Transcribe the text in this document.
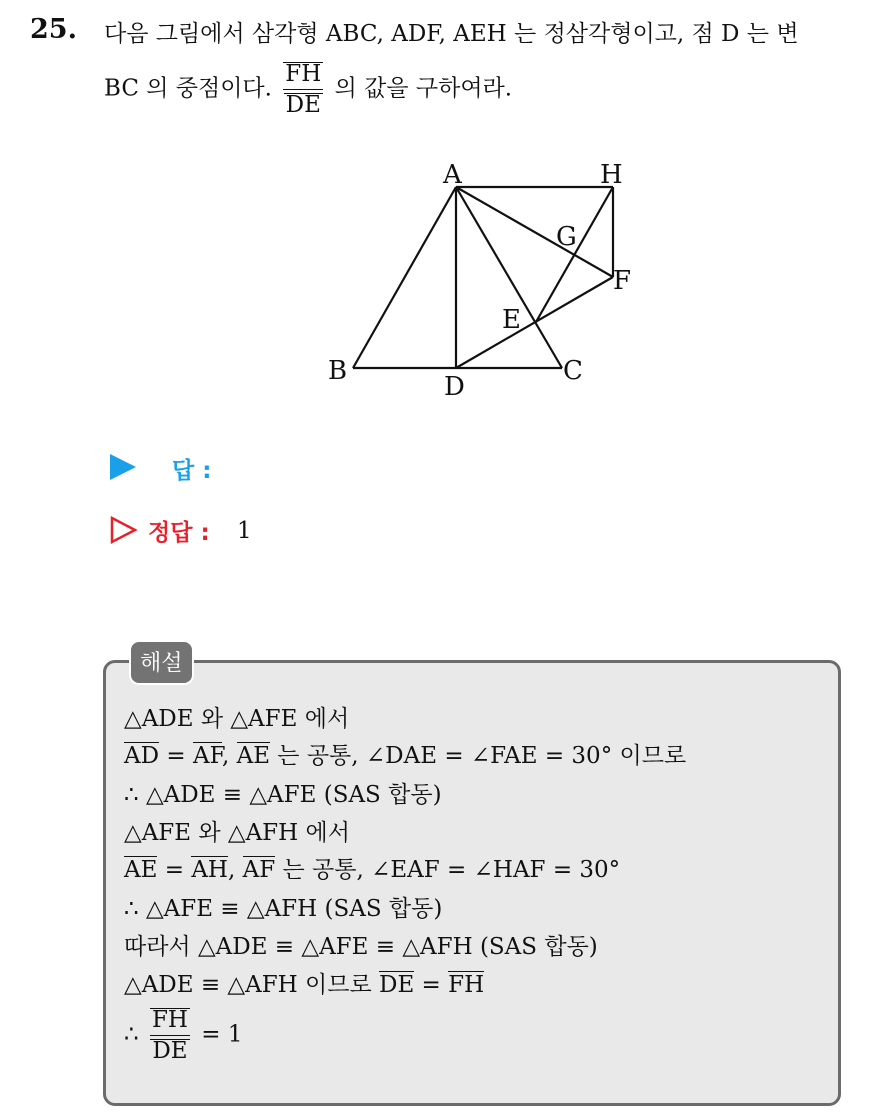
25. 다음 그림에서 삼각형 ABC, ADF, AEH 는 정삼각형이고, 점 D 는 변
BC 의 중점이다. $\frac{FH}{DE}$ 의 값을 구하여라.
A	H
G
F
E
B
D
C
답 :
정답 : 1
해설
△ADE 와 △AFE 에서
AD = AF, AE 는 공통, ∠DAE = ∠FAE = 30° 이므로
∴ △ADE ≡ △AFE (SAS 합동)
△AFE 와 △AFH 에서
AE = AH, AF 는 공통, ∠EAF = ∠HAF = 30°
∴ △AFE ≡ △AFH (SAS 합동)
따라서 △ADE ≡ △AFE ≡ △AFH (SAS 합동)
△ADE ≡ △AFH 이므로 DE = FH
∴ $\frac{FH}{DE} = 1$
